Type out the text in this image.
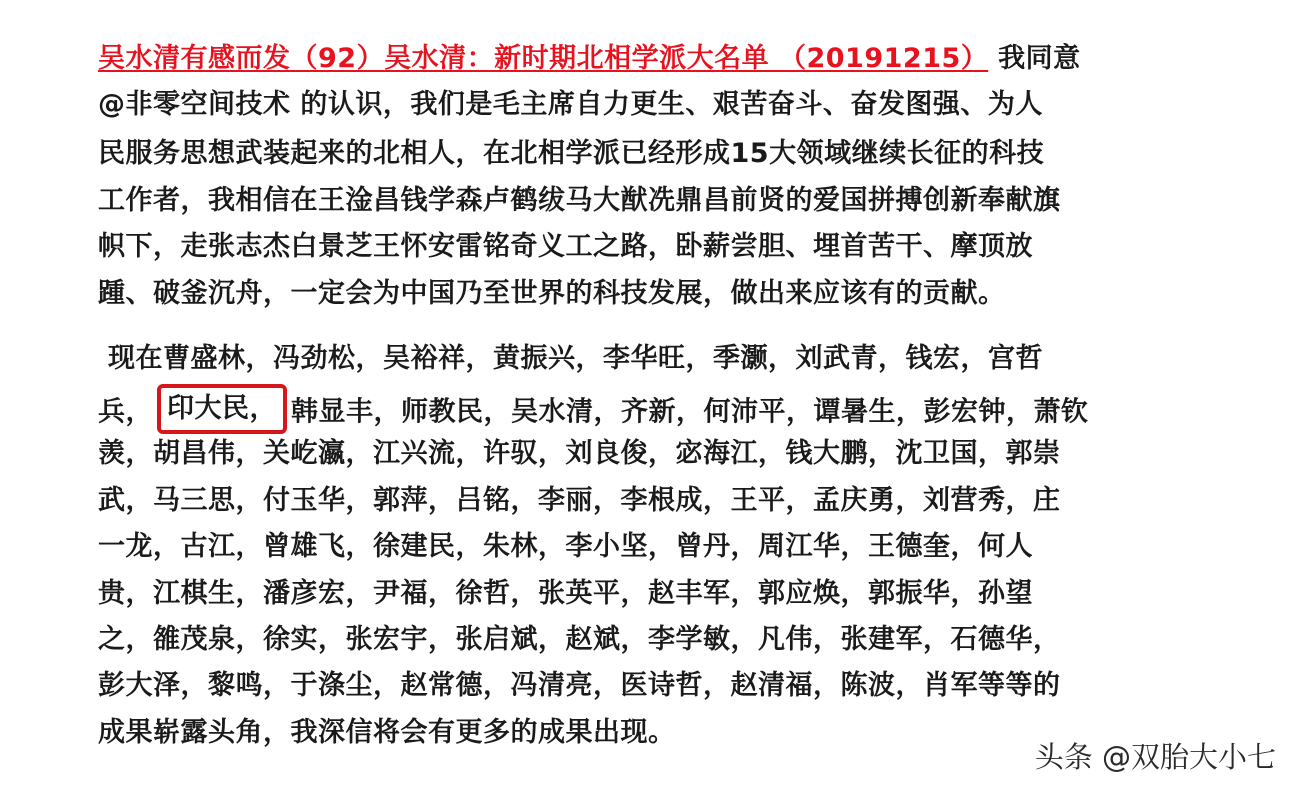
吴水清有感而发（92）吴水清：新时期北相学派大名单 （20191215） 我同意
@非零空间技术 的认识，我们是毛主席自力更生、艰苦奋斗、奋发图强、为人
民服务思想武装起来的北相人，在北相学派已经形成15大领域继续长征的科技
工作者，我相信在王淦昌钱学森卢鹤绂马大猷冼鼎昌前贤的爱国拼搏创新奉献旗
帜下，走张志杰白景芝王怀安雷铭奇义工之路，卧薪尝胆、埋首苦干、摩顶放
踵、破釜沉舟，一定会为中国乃至世界的科技发展，做出来应该有的贡献。
现在曹盛林，冯劲松，吴裕祥，黄振兴，李华旺，季灏，刘武青，钱宏，宫哲
兵， 印大民， 韩显丰，师教民，吴水清，齐新，何沛平，谭暑生，彭宏钟，萧钦
羡，胡昌伟，关屹瀛，江兴流，许驭，刘良俊，宓海江，钱大鹏，沈卫国，郭崇
武，马三思，付玉华，郭萍，吕铭，李丽，李根成，王平，孟庆勇，刘营秀，庄
一龙，古江，曾雄飞，徐建民，朱林，李小坚，曾丹，周江华，王德奎，何人
贵，江棋生，潘彦宏，尹福，徐哲，张英平，赵丰军，郭应焕，郭振华，孙望
之，雒茂泉，徐实，张宏宇，张启斌，赵斌，李学敏，凡伟，张建军，石德华，
彭大泽，黎鸣，于涤尘，赵常德，冯清亮，医诗哲，赵清福，陈波，肖军等等的
成果崭露头角，我深信将会有更多的成果出现。
头条 @双胎大小七
